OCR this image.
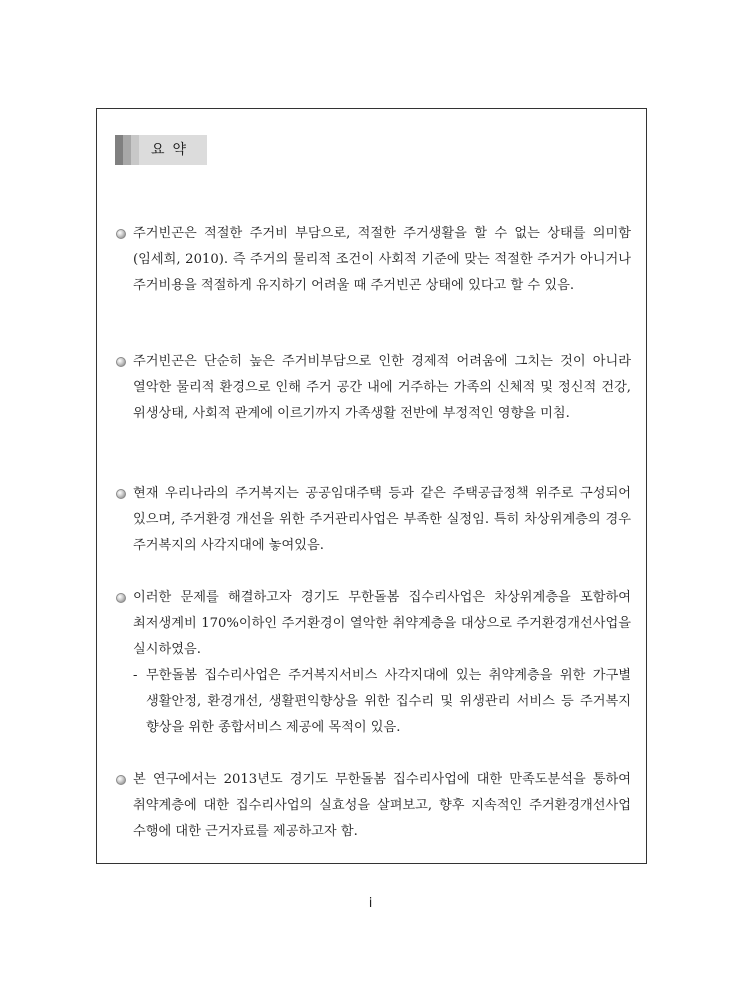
요약
주거빈곤은 적절한 주거비 부담으로, 적절한 주거생활을 할 수 없는 상태를 의미함(임세희, 2010). 즉 주거의 물리적 조건이 사회적 기준에 맞는 적절한 주거가 아니거나 주거비용을 적절하게 유지하기 어려울 때 주거빈곤 상태에 있다고 할 수 있음.
주거빈곤은 단순히 높은 주거비부담으로 인한 경제적 어려움에 그치는 것이 아니라 열악한 물리적 환경으로 인해 주거 공간 내에 거주하는 가족의 신체적 및 정신적 건강, 위생상태, 사회적 관계에 이르기까지 가족생활 전반에 부정적인 영향을 미침.
현재 우리나라의 주거복지는 공공임대주택 등과 같은 주택공급정책 위주로 구성되어 있으며, 주거환경 개선을 위한 주거관리사업은 부족한 실정임. 특히 차상위계층의 경우 주거복지의 사각지대에 놓여있음.
이러한 문제를 해결하고자 경기도 무한돌봄 집수리사업은 차상위계층을 포함하여 최저생계비 170%이하인 주거환경이 열악한 취약계층을 대상으로 주거환경개선사업을 실시하였음.
- 무한돌봄 집수리사업은 주거복지서비스 사각지대에 있는 취약계층을 위한 가구별 생활안정, 환경개선, 생활편익향상을 위한 집수리 및 위생관리 서비스 등 주거복지 향상을 위한 종합서비스 제공에 목적이 있음.
본 연구에서는 2013년도 경기도 무한돌봄 집수리사업에 대한 만족도분석을 통하여 취약계층에 대한 집수리사업의 실효성을 살펴보고, 향후 지속적인 주거환경개선사업 수행에 대한 근거자료를 제공하고자 함.
i
